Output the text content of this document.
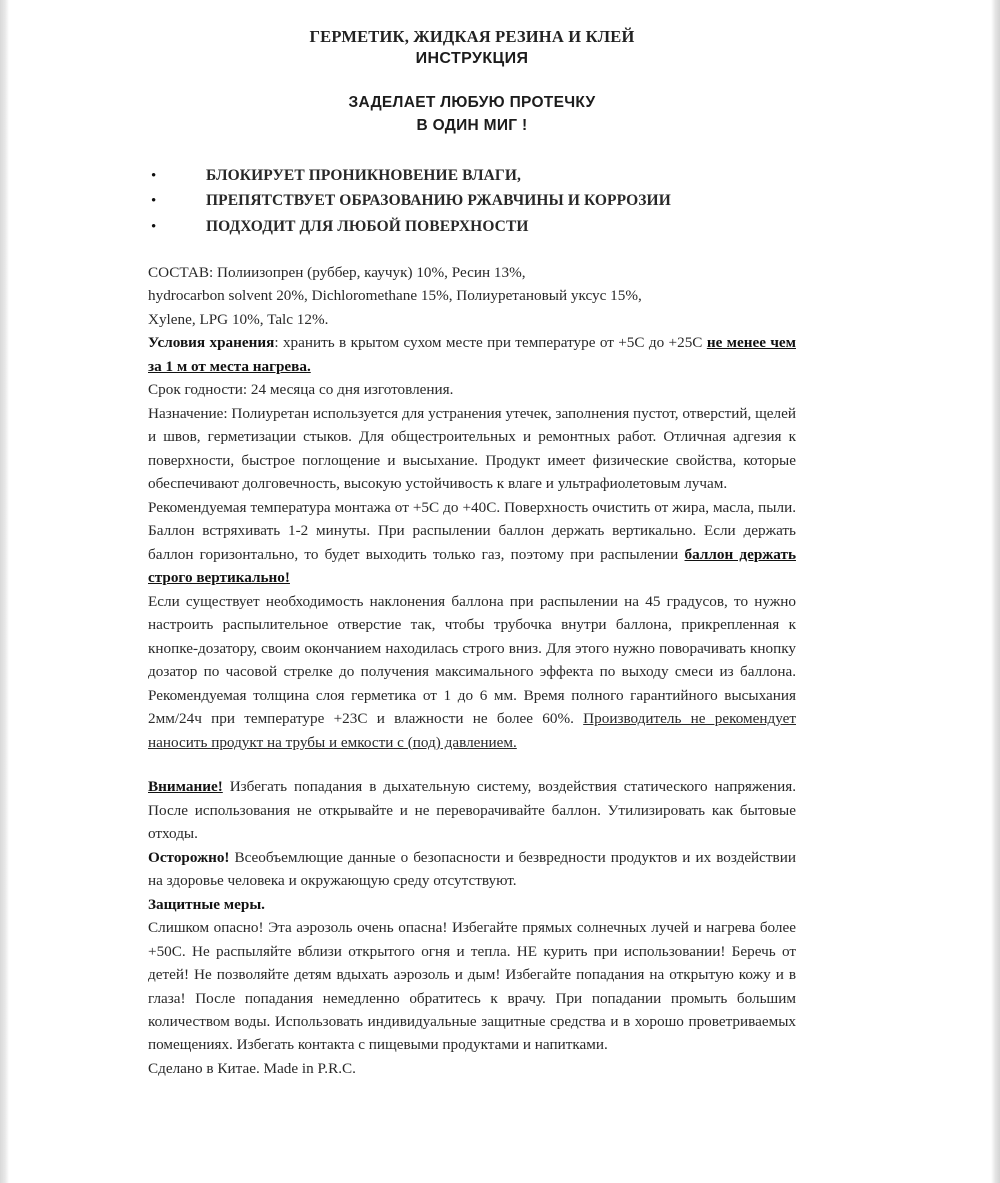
ГЕРМЕТИК, ЖИДКАЯ РЕЗИНА И КЛЕЙ
ИНСТРУКЦИЯ
ЗАДЕЛАЕТ ЛЮБУЮ ПРОТЕЧКУ
В ОДИН МИГ !
•	БЛОКИРУЕТ ПРОНИКНОВЕНИЕ ВЛАГИ,
•	ПРЕПЯТСТВУЕТ ОБРАЗОВАНИЮ РЖАВЧИНЫ И КОРРОЗИИ
•	ПОДХОДИТ ДЛЯ ЛЮБОЙ ПОВЕРХНОСТИ
СОСТАВ: Полиизопрен (руббер, каучук) 10%, Ресин 13%,
hydrocarbon solvent 20%, Dichloromethane 15%, Полиуретановый уксус 15%,
Xylene, LPG 10%, Talc 12%.
Условия хранения: хранить в крытом сухом месте при температуре от +5С до +25С не менее чем за 1 м от места нагрева.
Срок годности: 24 месяца со дня изготовления.
Назначение: Полиуретан используется для устранения утечек, заполнения пустот, отверстий, щелей и швов, герметизации стыков. Для общестроительных и ремонтных работ. Отличная адгезия к поверхности, быстрое поглощение и высыхание. Продукт имеет физические свойства, которые обеспечивают долговечность, высокую устойчивость к влаге и ультрафиолетовым лучам.
Рекомендуемая температура монтажа от +5С до +40С. Поверхность очистить от жира, масла, пыли. Баллон встряхивать 1-2 минуты. При распылении баллон держать вертикально. Если держать баллон горизонтально, то будет выходить только газ, поэтому при распылении баллон держать строго вертикально!
Если существует необходимость наклонения баллона при распылении на 45 градусов, то нужно настроить распылительное отверстие так, чтобы трубочка внутри баллона, прикрепленная к кнопке-дозатору, своим окончанием находилась строго вниз. Для этого нужно поворачивать кнопку дозатор по часовой стрелке до получения максимального эффекта по выходу смеси из баллона. Рекомендуемая толщина слоя герметика от 1 до 6 мм. Время полного гарантийного высыхания 2мм/24ч при температуре +23С и влажности не более 60%. Производитель не рекомендует наносить продукт на трубы и емкости с (под) давлением.
Внимание! Избегать попадания в дыхательную систему, воздействия статического напряжения. После использования не открывайте и не переворачивайте баллон. Утилизировать как бытовые отходы.
Осторожно! Всеобъемлющие данные о безопасности и безвредности продуктов и их воздействии на здоровье человека и окружающую среду отсутствуют.
Защитные меры.
Слишком опасно! Эта аэрозоль очень опасна! Избегайте прямых солнечных лучей и нагрева более +50С. Не распыляйте вблизи открытого огня и тепла. НЕ курить при использовании! Беречь от детей! Не позволяйте детям вдыхать аэрозоль и дым! Избегайте попадания на открытую кожу и в глаза! После попадания немедленно обратитесь к врачу. При попадании промыть большим количеством воды. Использовать индивидуальные защитные средства и в хорошо проветриваемых помещениях. Избегать контакта с пищевыми продуктами и напитками.
Сделано в Китае. Made in P.R.C.
